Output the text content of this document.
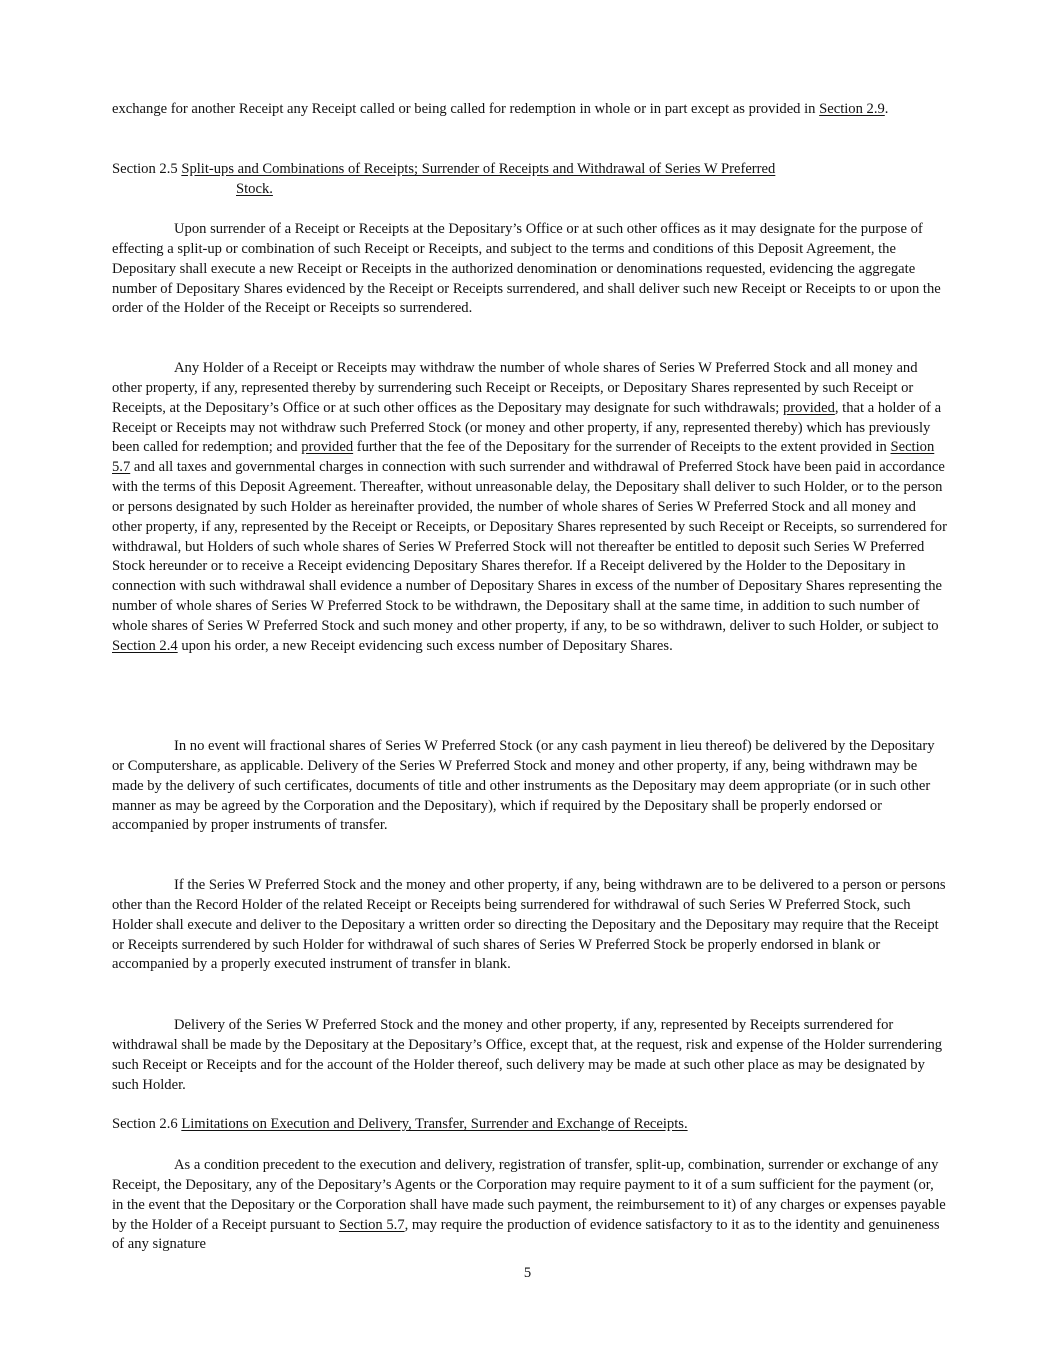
exchange for another Receipt any Receipt called or being called for redemption in whole or in part except as provided in Section 2.9.

Section 2.5 Split-ups and Combinations of Receipts; Surrender of Receipts and Withdrawal of Series W Preferred

Stock.

Upon surrender of a Receipt or Receipts at the Depositary’s Office or at such other offices as it may designate for the purpose of effecting a split-up or combination of such Receipt or Receipts, and subject to the terms and conditions of this Deposit Agreement, the Depositary shall execute a new Receipt or Receipts in the authorized denomination or denominations requested, evidencing the aggregate number of Depositary Shares evidenced by the Receipt or Receipts surrendered, and shall deliver such new Receipt or Receipts to or upon the order of the Holder of the Receipt or Receipts so surrendered.

Any Holder of a Receipt or Receipts may withdraw the number of whole shares of Series W Preferred Stock and all money and other property, if any, represented thereby by surrendering such Receipt or Receipts, or Depositary Shares represented by such Receipt or Receipts, at the Depositary’s Office or at such other offices as the Depositary may designate for such withdrawals; provided, that a holder of a Receipt or Receipts may not withdraw such Preferred Stock (or money and other property, if any, represented thereby) which has previously been called for redemption; and provided further that the fee of the Depositary for the surrender of Receipts to the extent provided in Section 5.7 and all taxes and governmental charges in connection with such surrender and withdrawal of Preferred Stock have been paid in accordance with the terms of this Deposit Agreement. Thereafter, without unreasonable delay, the Depositary shall deliver to such Holder, or to the person or persons designated by such Holder as hereinafter provided, the number of whole shares of Series W Preferred Stock and all money and other property, if any, represented by the Receipt or Receipts, or Depositary Shares represented by such Receipt or Receipts, so surrendered for withdrawal, but Holders of such whole shares of Series W Preferred Stock will not thereafter be entitled to deposit such Series W Preferred Stock hereunder or to receive a Receipt evidencing Depositary Shares therefor. If a Receipt delivered by the Holder to the Depositary in connection with such withdrawal shall evidence a number of Depositary Shares in excess of the number of Depositary Shares representing the number of whole shares of Series W Preferred Stock to be withdrawn, the Depositary shall at the same time, in addition to such number of whole shares of Series W Preferred Stock and such money and other property, if any, to be so withdrawn, deliver to such Holder, or subject to Section 2.4 upon his order, a new Receipt evidencing such excess number of Depositary Shares.

In no event will fractional shares of Series W Preferred Stock (or any cash payment in lieu thereof) be delivered by the Depositary or Computershare, as applicable. Delivery of the Series W Preferred Stock and money and other property, if any, being withdrawn may be made by the delivery of such certificates, documents of title and other instruments as the Depositary may deem appropriate (or in such other manner as may be agreed by the Corporation and the Depositary), which if required by the Depositary shall be properly endorsed or accompanied by proper instruments of transfer.

If the Series W Preferred Stock and the money and other property, if any, being withdrawn are to be delivered to a person or persons other than the Record Holder of the related Receipt or Receipts being surrendered for withdrawal of such Series W Preferred Stock, such Holder shall execute and deliver to the Depositary a written order so directing the Depositary and the Depositary may require that the Receipt or Receipts surrendered by such Holder for withdrawal of such shares of Series W Preferred Stock be properly endorsed in blank or accompanied by a properly executed instrument of transfer in blank.

Delivery of the Series W Preferred Stock and the money and other property, if any, represented by Receipts surrendered for withdrawal shall be made by the Depositary at the Depositary’s Office, except that, at the request, risk and expense of the Holder surrendering such Receipt or Receipts and for the account of the Holder thereof, such delivery may be made at such other place as may be designated by such Holder.

Section 2.6 Limitations on Execution and Delivery, Transfer, Surrender and Exchange of Receipts.

As a condition precedent to the execution and delivery, registration of transfer, split-up, combination, surrender or exchange of any Receipt, the Depositary, any of the Depositary’s Agents or the Corporation may require payment to it of a sum sufficient for the payment (or, in the event that the Depositary or the Corporation shall have made such payment, the reimbursement to it) of any charges or expenses payable by the Holder of a Receipt pursuant to Section 5.7, may require the production of evidence satisfactory to it as to the identity and genuineness of any signature

5
